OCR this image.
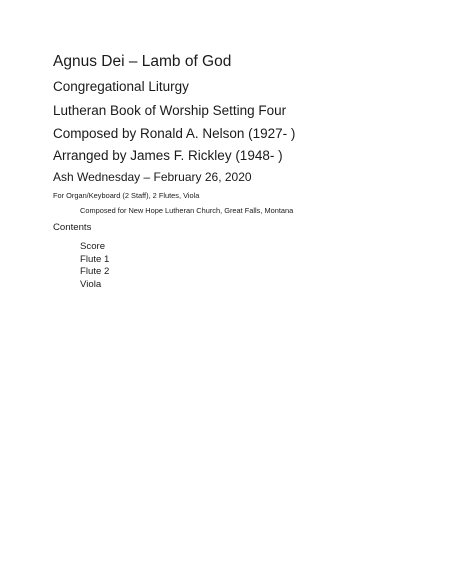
Agnus Dei – Lamb of God
Congregational Liturgy
Lutheran Book of Worship Setting Four
Composed by Ronald A. Nelson (1927- )
Arranged by James F. Rickley (1948- )
Ash Wednesday – February 26, 2020
For Organ/Keyboard (2 Staff), 2 Flutes, Viola
Composed for New Hope Lutheran Church, Great Falls, Montana
Contents
Score
Flute 1
Flute 2
Viola
